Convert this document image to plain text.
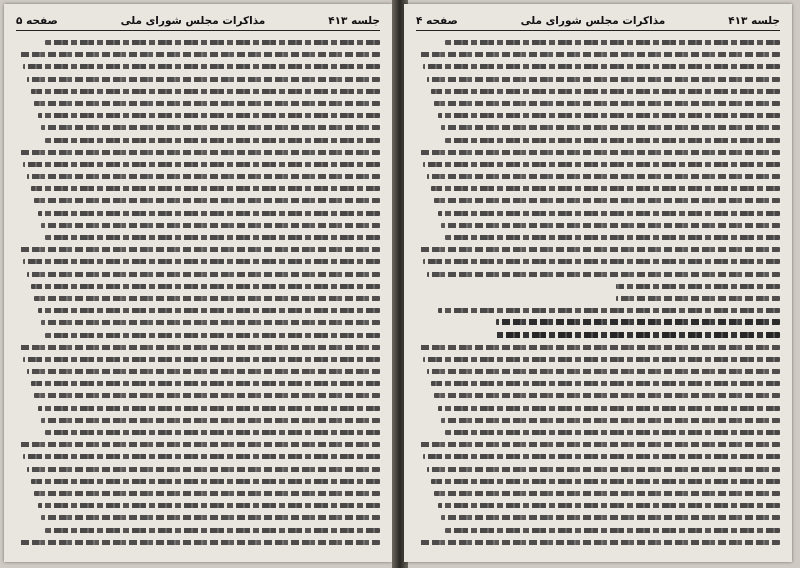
صفحه ۵	مذاکرات مجلس شورای ملی	جلسه ۴۱۳	صفحه ۴	مذاکرات مجلس شورای ملی	جلسه ۴۱۳
